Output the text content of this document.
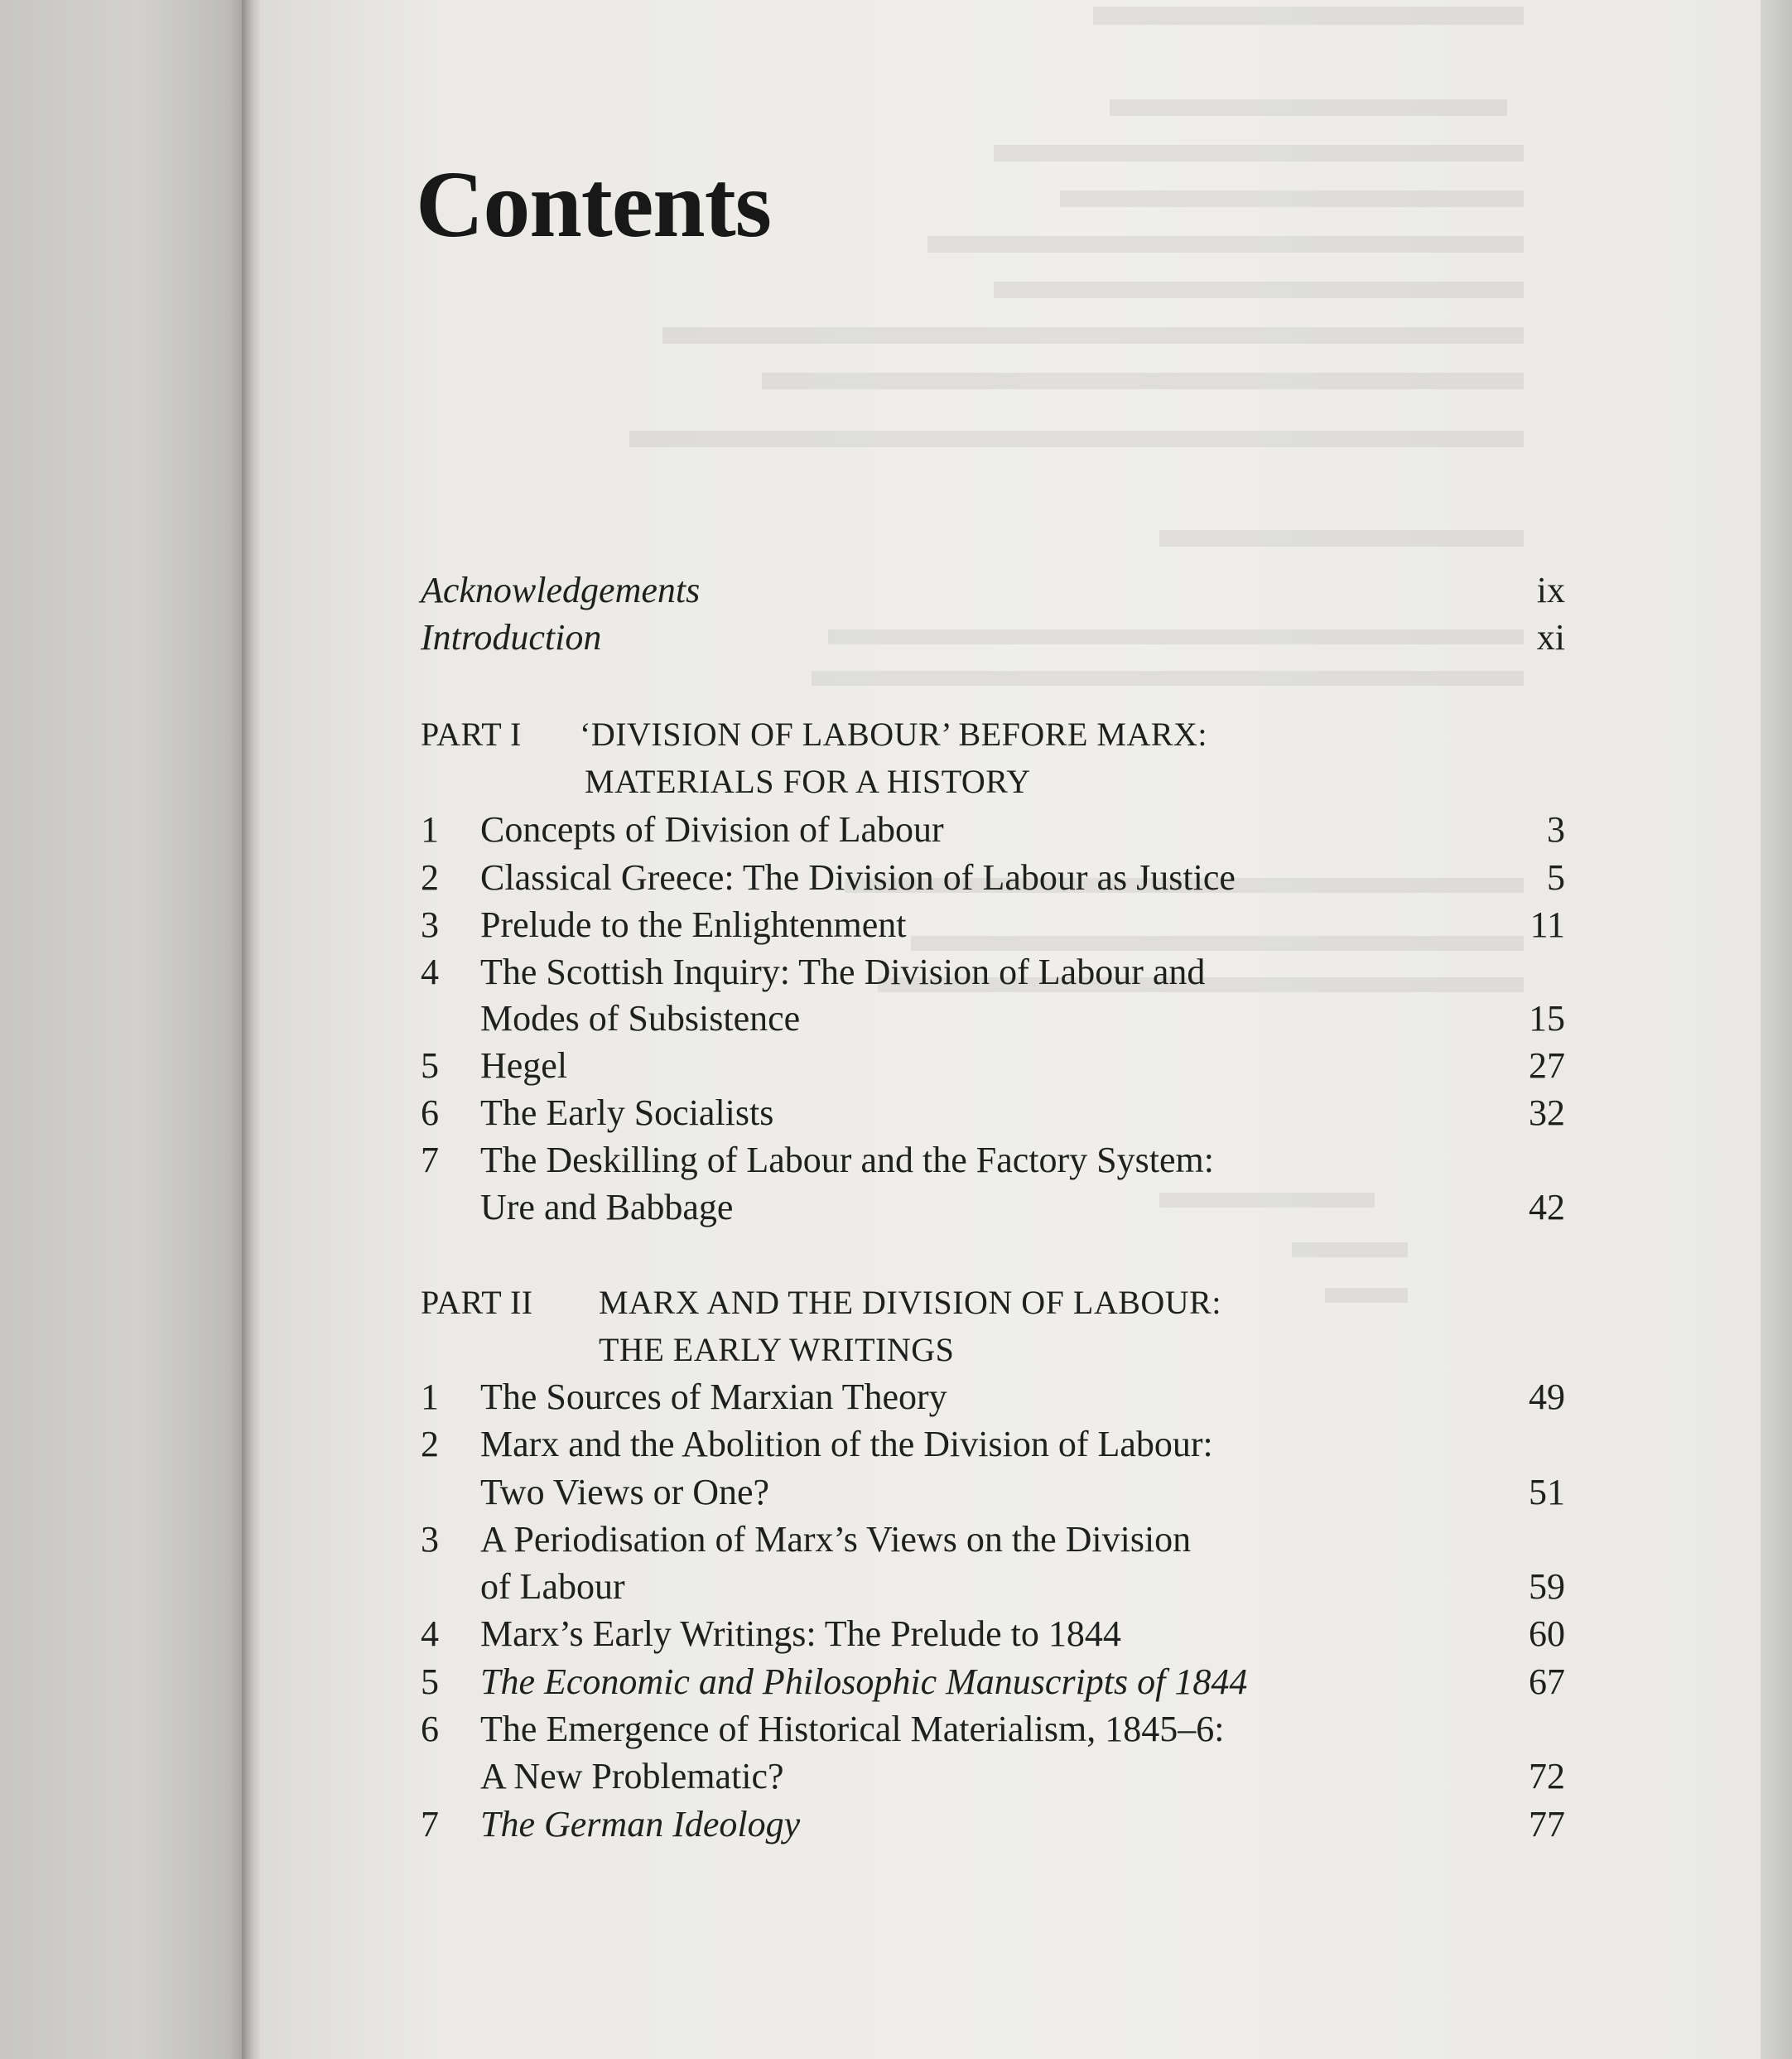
Contents
Acknowledgements	ix
Introduction	xi
PART I ‘DIVISION OF LABOUR’ BEFORE MARX:
MATERIALS FOR A HISTORY
1 Concepts of Division of Labour	3
2 Classical Greece: The Division of Labour as Justice	5
3 Prelude to the Enlightenment	11
4 The Scottish Inquiry: The Division of Labour and
Modes of Subsistence	15
5 Hegel	27
6 The Early Socialists	32
7 The Deskilling of Labour and the Factory System:
Ure and Babbage	42
PART II MARX AND THE DIVISION OF LABOUR:
THE EARLY WRITINGS
1 The Sources of Marxian Theory	49
2 Marx and the Abolition of the Division of Labour:
Two Views or One?	51
3 A Periodisation of Marx’s Views on the Division
of Labour	59
4 Marx’s Early Writings: The Prelude to 1844	60
5 The Economic and Philosophic Manuscripts of 1844	67
6 The Emergence of Historical Materialism, 1845–6:
A New Problematic?	72
7 The German Ideology	77
